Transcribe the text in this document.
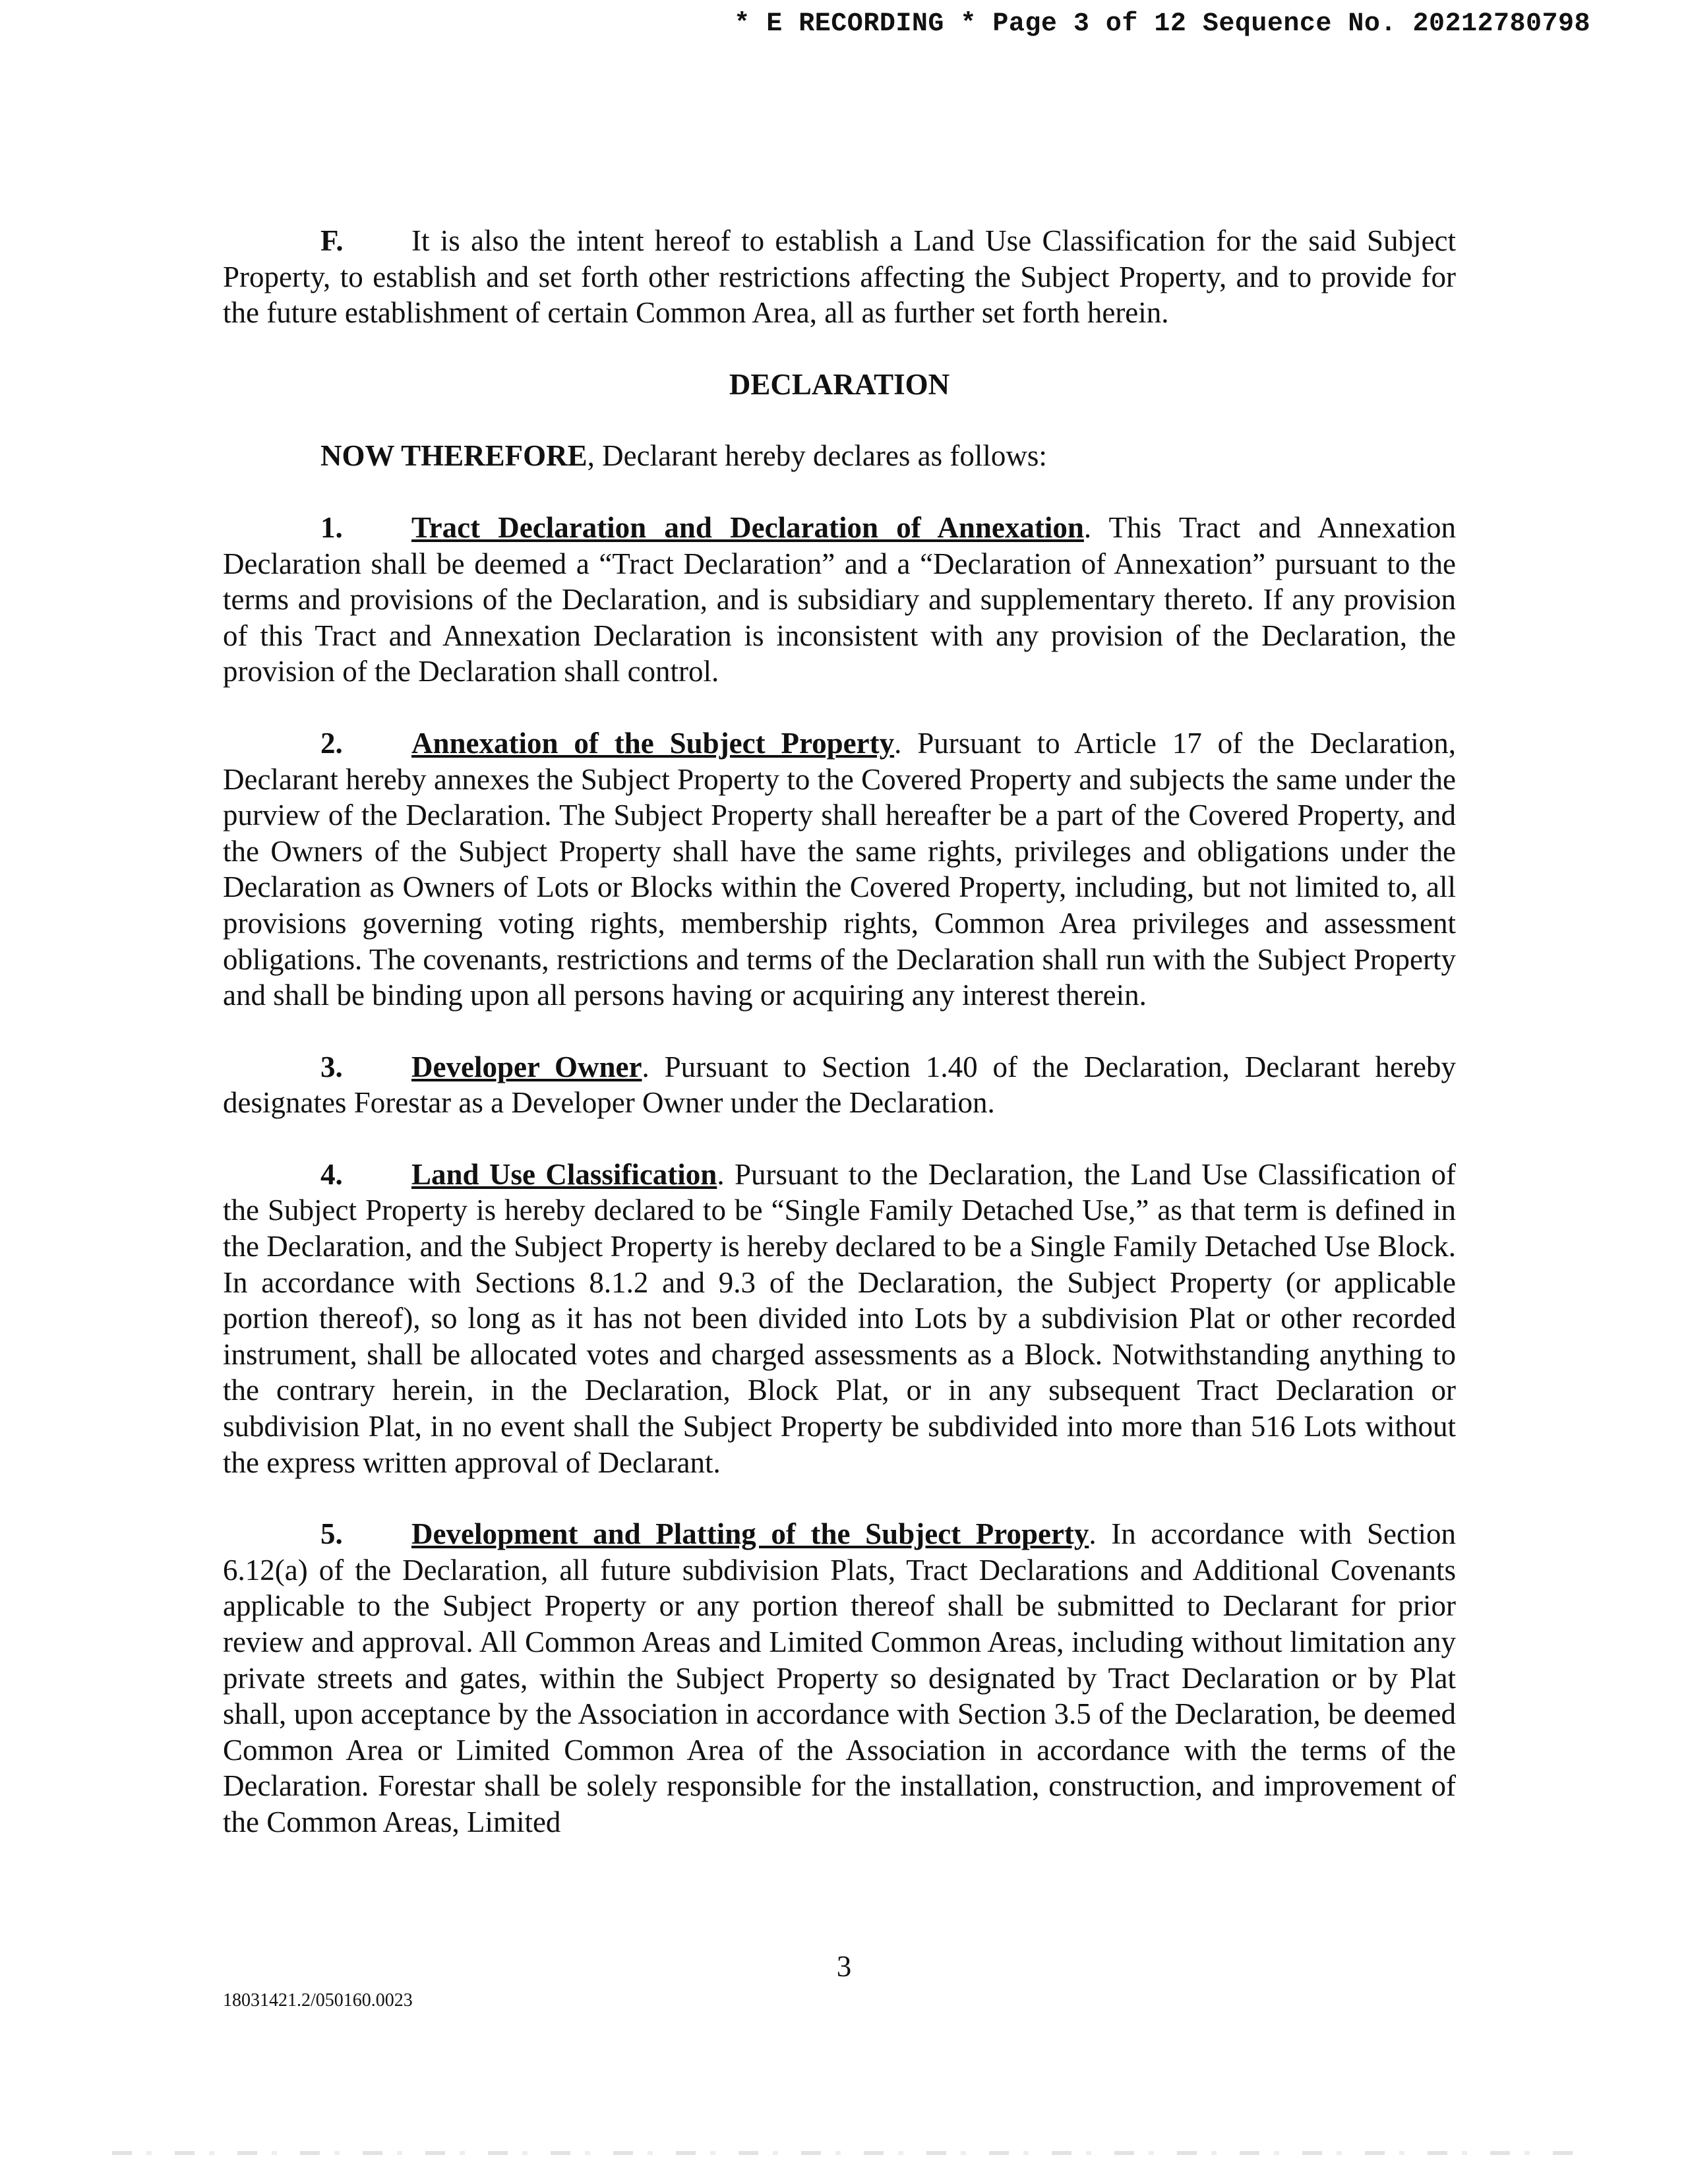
* E RECORDING * Page 3 of 12 Sequence No. 20212780798

F. It is also the intent hereof to establish a Land Use Classification for the said Subject Property, to establish and set forth other restrictions affecting the Subject Property, and to provide for the future establishment of certain Common Area, all as further set forth herein.

DECLARATION

NOW THEREFORE, Declarant hereby declares as follows:

1. Tract Declaration and Declaration of Annexation. This Tract and Annexation Declaration shall be deemed a “Tract Declaration” and a “Declaration of Annexation” pursuant to the terms and provisions of the Declaration, and is subsidiary and supplementary thereto. If any provision of this Tract and Annexation Declaration is inconsistent with any provision of the Declaration, the provision of the Declaration shall control.

2. Annexation of the Subject Property. Pursuant to Article 17 of the Declaration, Declarant hereby annexes the Subject Property to the Covered Property and subjects the same under the purview of the Declaration. The Subject Property shall hereafter be a part of the Covered Property, and the Owners of the Subject Property shall have the same rights, privileges and obligations under the Declaration as Owners of Lots or Blocks within the Covered Property, including, but not limited to, all provisions governing voting rights, membership rights, Common Area privileges and assessment obligations. The covenants, restrictions and terms of the Declaration shall run with the Subject Property and shall be binding upon all persons having or acquiring any interest therein.

3. Developer Owner. Pursuant to Section 1.40 of the Declaration, Declarant hereby designates Forestar as a Developer Owner under the Declaration.

4. Land Use Classification. Pursuant to the Declaration, the Land Use Classification of the Subject Property is hereby declared to be “Single Family Detached Use,” as that term is defined in the Declaration, and the Subject Property is hereby declared to be a Single Family Detached Use Block. In accordance with Sections 8.1.2 and 9.3 of the Declaration, the Subject Property (or applicable portion thereof), so long as it has not been divided into Lots by a subdivision Plat or other recorded instrument, shall be allocated votes and charged assessments as a Block. Notwithstanding anything to the contrary herein, in the Declaration, Block Plat, or in any subsequent Tract Declaration or subdivision Plat, in no event shall the Subject Property be subdivided into more than 516 Lots without the express written approval of Declarant.

5. Development and Platting of the Subject Property. In accordance with Section 6.12(a) of the Declaration, all future subdivision Plats, Tract Declarations and Additional Covenants applicable to the Subject Property or any portion thereof shall be submitted to Declarant for prior review and approval. All Common Areas and Limited Common Areas, including without limitation any private streets and gates, within the Subject Property so designated by Tract Declaration or by Plat shall, upon acceptance by the Association in accordance with Section 3.5 of the Declaration, be deemed Common Area or Limited Common Area of the Association in accordance with the terms of the Declaration. Forestar shall be solely responsible for the installation, construction, and improvement of the Common Areas, Limited

3
18031421.2/050160.0023
